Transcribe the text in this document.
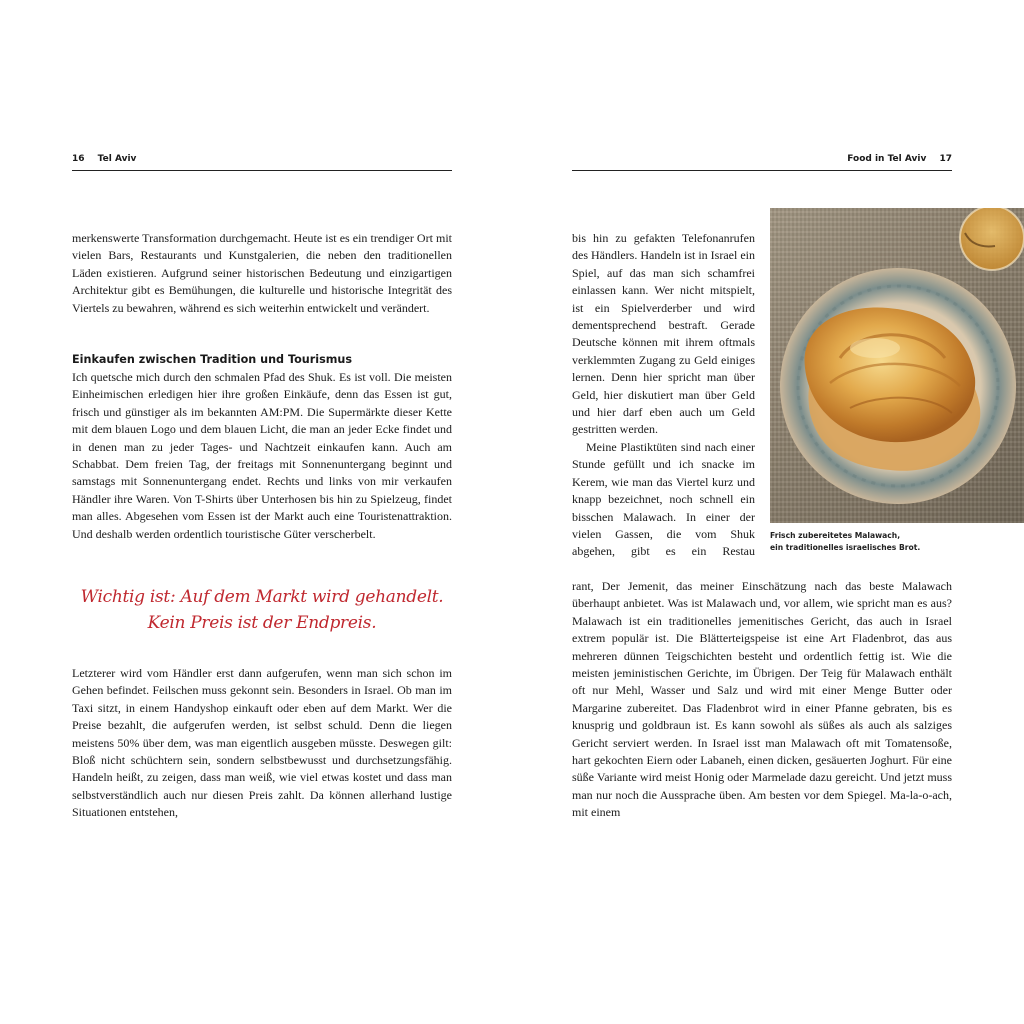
16 Tel Aviv

merkenswerte Transformation durchgemacht. Heute ist es ein trendiger Ort mit vielen Bars, Restaurants und Kunstgalerien, die neben den traditionellen Läden existieren. Aufgrund seiner historischen Bedeutung und einzigartigen Architektur gibt es Bemühungen, die kulturelle und historische Integrität des Viertels zu bewahren, während es sich weiterhin entwickelt und verändert.

Einkaufen zwischen Tradition und Tourismus

Ich quetsche mich durch den schmalen Pfad des Shuk. Es ist voll. Die meisten Einheimischen erledigen hier ihre großen Einkäufe, denn das Essen ist gut, frisch und günstiger als im bekannten AM:PM. Die Supermärkte dieser Kette mit dem blauen Logo und dem blauen Licht, die man an jeder Ecke findet und in denen man zu jeder Tages- und Nachtzeit einkaufen kann. Auch am Schabbat. Dem freien Tag, der freitags mit Sonnenuntergang beginnt und samstags mit Sonnenuntergang endet. Rechts und links von mir verkaufen Händler ihre Waren. Von T-Shirts über Unterhosen bis hin zu Spielzeug, findet man alles. Abgesehen vom Essen ist der Markt auch eine Touristenattraktion. Und deshalb werden ordentlich touristische Güter verscherbelt.

Wichtig ist: Auf dem Markt wird gehandelt.
Kein Preis ist der Endpreis.

Letzterer wird vom Händler erst dann aufgerufen, wenn man sich schon im Gehen befindet. Feilschen muss gekonnt sein. Besonders in Israel. Ob man im Taxi sitzt, in einem Handyshop einkauft oder eben auf dem Markt. Wer die Preise bezahlt, die aufgerufen werden, ist selbst schuld. Denn die liegen meistens 50% über dem, was man eigentlich ausgeben müsste. Deswegen gilt: Bloß nicht schüchtern sein, sondern selbstbewusst und durchsetzungsfähig. Handeln heißt, zu zeigen, dass man weiß, wie viel etwas kostet und dass man selbstverständlich auch nur diesen Preis zahlt. Da können allerhand lustige Situationen entstehen,

Food in Tel Aviv 17

bis hin zu gefakten Telefonanrufen des Händlers. Handeln ist in Israel ein Spiel, auf das man sich schamfrei einlassen kann. Wer nicht mitspielt, ist ein Spielverderber und wird dementsprechend bestraft. Gerade Deutsche können mit ihrem oftmals verklemmten Zugang zu Geld einiges lernen. Denn hier spricht man über Geld, hier diskutiert man über Geld und hier darf eben auch um Geld gestritten werden.

Meine Plastiktüten sind nach einer Stunde gefüllt und ich snacke im Kerem, wie man das Viertel kurz und knapp bezeichnet, noch schnell ein bisschen Malawach. In einer der vielen Gassen, die vom Shuk abgehen, gibt es ein Restau

rant, Der Jemenit, das meiner Einschätzung nach das beste Malawach überhaupt anbietet. Was ist Malawach und, vor allem, wie spricht man es aus? Malawach ist ein traditionelles jemenitisches Gericht, das auch in Israel extrem populär ist. Die Blätterteigspeise ist eine Art Fladenbrot, das aus mehreren dünnen Teigschichten besteht und ordentlich fettig ist. Wie die meisten jeministischen Gerichte, im Übrigen. Der Teig für Malawach enthält oft nur Mehl, Wasser und Salz und wird mit einer Menge Butter oder Margarine zubereitet. Das Fladenbrot wird in einer Pfanne gebraten, bis es knusprig und goldbraun ist. Es kann sowohl als süßes als auch als salziges Gericht serviert werden. In Israel isst man Malawach oft mit Tomatensoße, hart gekochten Eiern oder Labaneh, einen dicken, gesäuerten Joghurt. Für eine süße Variante wird meist Honig oder Marmelade dazu gereicht. Und jetzt muss man nur noch die Aussprache üben. Am besten vor dem Spiegel. Ma-la-o-ach, mit einem

Frisch zubereitetes Malawach,
ein traditionelles israelisches Brot.
